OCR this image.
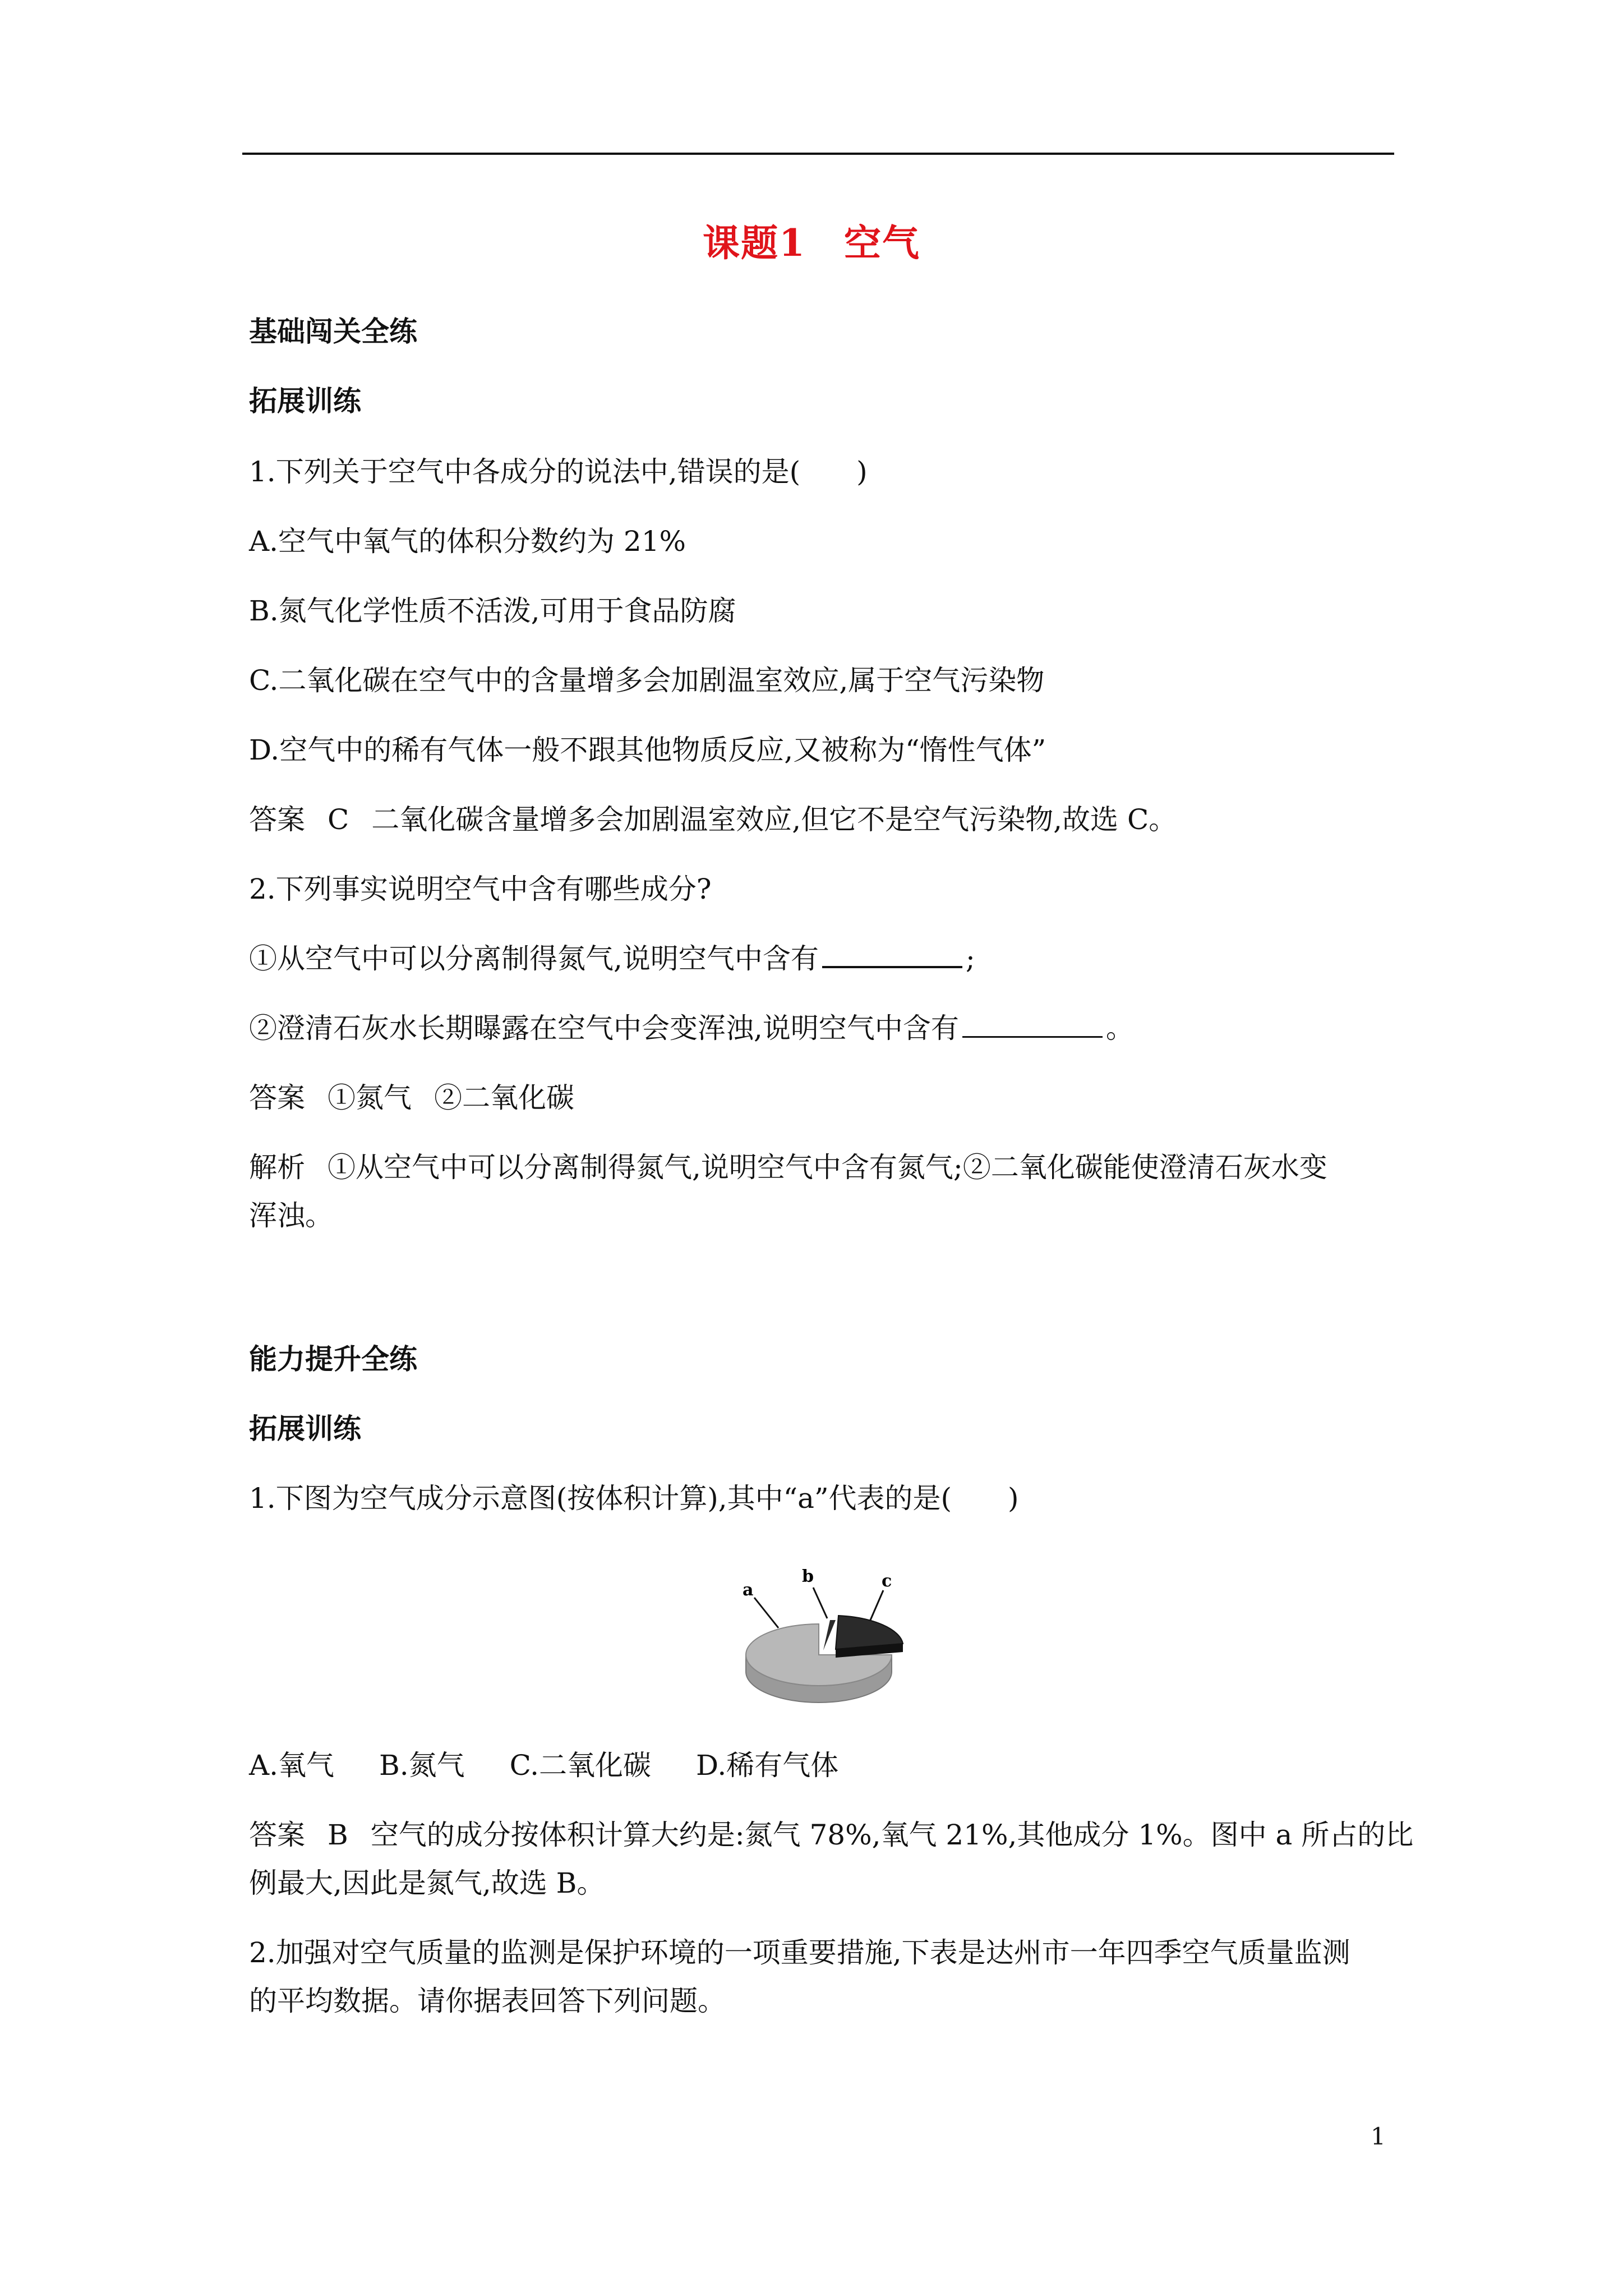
课题1　空气
基础闯关全练
拓展训练
1.下列关于空气中各成分的说法中,错误的是(　　)
A.空气中氧气的体积分数约为 21%
B.氮气化学性质不活泼,可用于食品防腐
C.二氧化碳在空气中的含量增多会加剧温室效应,属于空气污染物
D.空气中的稀有气体一般不跟其他物质反应,又被称为“惰性气体”
答案 C 二氧化碳含量增多会加剧温室效应,但它不是空气污染物,故选 C。
2.下列事实说明空气中含有哪些成分?
①从空气中可以分离制得氮气,说明空气中含有	;
②澄清石灰水长期曝露在空气中会变浑浊,说明空气中含有	。
答案 ①氮气 ②二氧化碳
解析 ①从空气中可以分离制得氮气,说明空气中含有氮气;②二氧化碳能使澄清石灰水变
浑浊。
能力提升全练
拓展训练
1.下图为空气成分示意图(按体积计算),其中“a”代表的是(　　)
a
b	c
A.氧气 B.氮气 C.二氧化碳 D.稀有气体
答案 B 空气的成分按体积计算大约是:氮气 78%,氧气 21%,其他成分 1%。图中 a 所占的比
例最大,因此是氮气,故选 B。
2.加强对空气质量的监测是保护环境的一项重要措施,下表是达州市一年四季空气质量监测
的平均数据。请你据表回答下列问题。
1
